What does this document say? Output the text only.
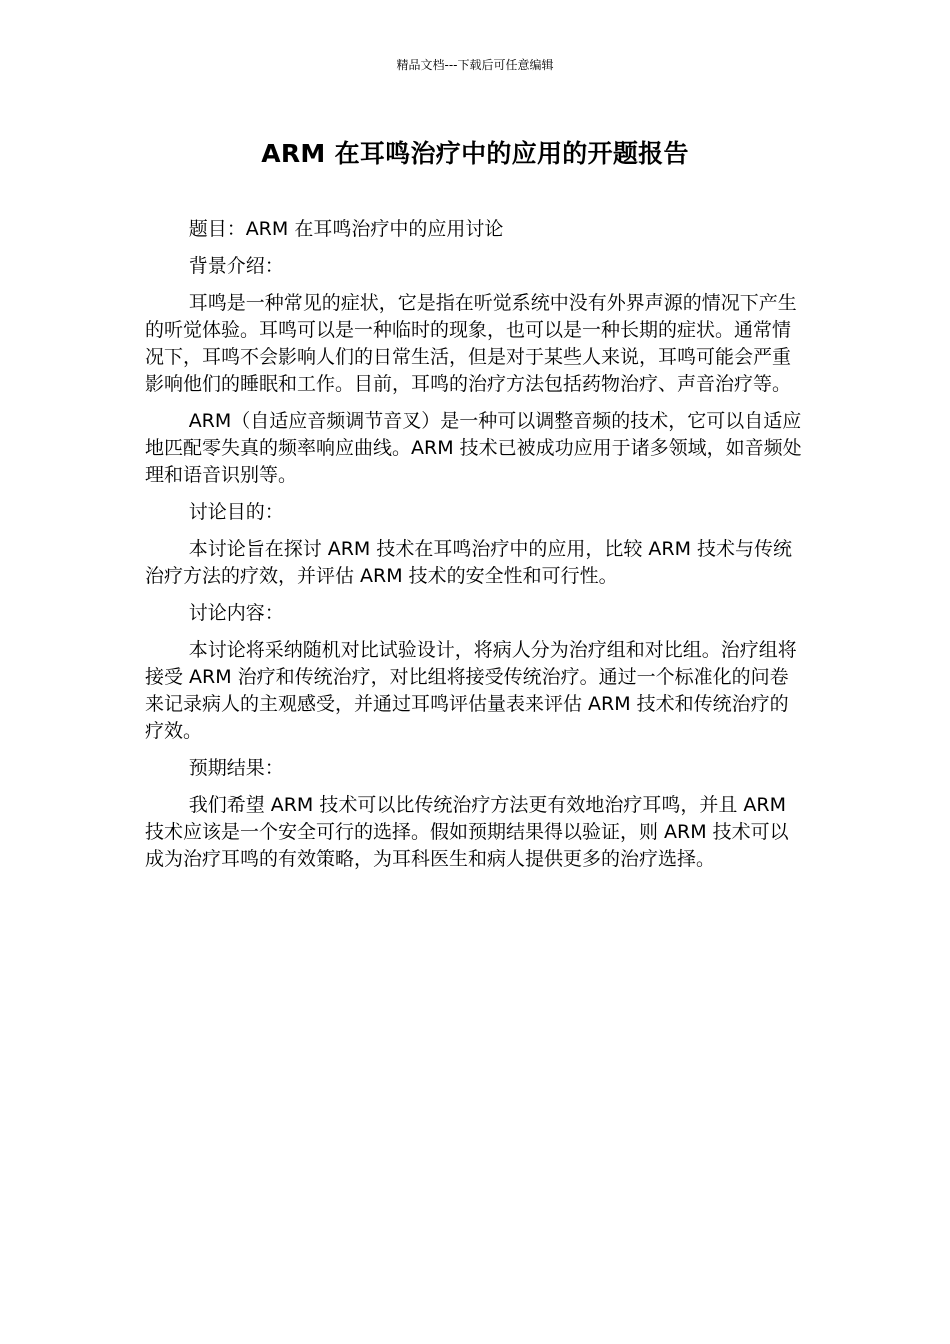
精品文档---下载后可任意编辑
ARM 在耳鸣治疗中的应用的开题报告

题目：ARM 在耳鸣治疗中的应用讨论

背景介绍：

耳鸣是一种常见的症状，它是指在听觉系统中没有外界声源的情况下产生的听觉体验。耳鸣可以是一种临时的现象，也可以是一种长期的症状。通常情况下，耳鸣不会影响人们的日常生活，但是对于某些人来说，耳鸣可能会严重影响他们的睡眠和工作。目前，耳鸣的治疗方法包括药物治疗、声音治疗等。

ARM（自适应音频调节音叉）是一种可以调整音频的技术，它可以自适应地匹配零失真的频率响应曲线。ARM 技术已被成功应用于诸多领域，如音频处理和语音识别等。

讨论目的：

本讨论旨在探讨 ARM 技术在耳鸣治疗中的应用，比较 ARM 技术与传统治疗方法的疗效，并评估 ARM 技术的安全性和可行性。

讨论内容：

本讨论将采纳随机对比试验设计，将病人分为治疗组和对比组。治疗组将接受 ARM 治疗和传统治疗，对比组将接受传统治疗。通过一个标准化的问卷来记录病人的主观感受，并通过耳鸣评估量表来评估 ARM 技术和传统治疗的疗效。

预期结果：

我们希望 ARM 技术可以比传统治疗方法更有效地治疗耳鸣，并且 ARM 技术应该是一个安全可行的选择。假如预期结果得以验证，则 ARM 技术可以成为治疗耳鸣的有效策略，为耳科医生和病人提供更多的治疗选择。
